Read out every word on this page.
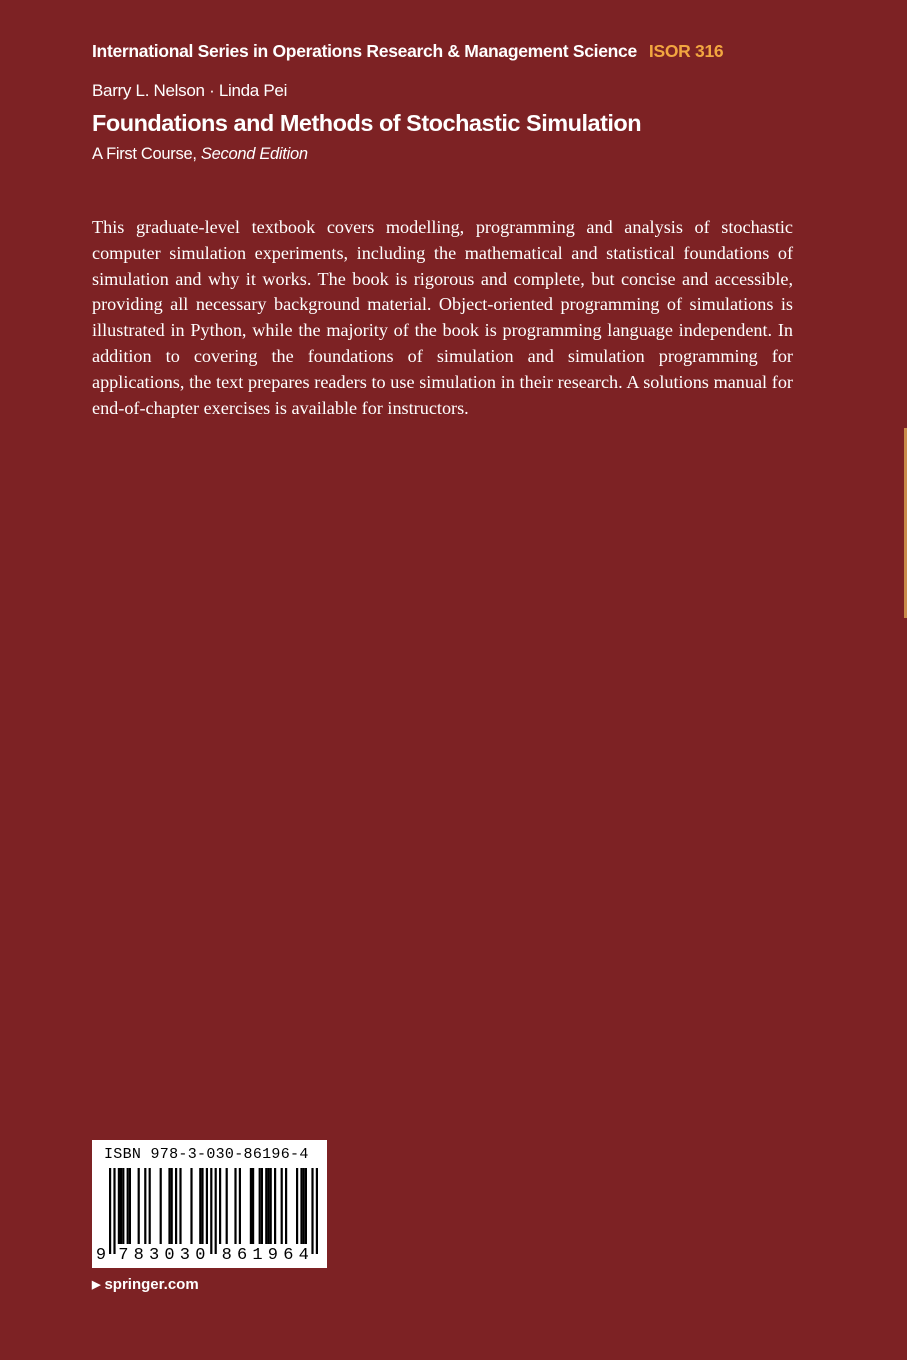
International Series in Operations Research & Management Science ISOR 316
Barry L. Nelson · Linda Pei
Foundations and Methods of Stochastic Simulation
A First Course, Second Edition

This graduate-level textbook covers modelling, programming and analysis of stochastic computer simulation experiments, including the mathematical and statistical foundations of simulation and why it works. The book is rigorous and complete, but concise and accessible, providing all necessary background material. Object-oriented programming of simulations is illustrated in Python, while the majority of the book is programming language independent. In addition to covering the foundations of simulation and simulation programming for applications, the text prepares readers to use simulation in their research. A solutions manual for end-of-chapter exercises is available for instructors.

9 7 8 3 0 3 0 8 6 1 9 6 4
ISBN 978-3-030-86196-4
▶ springer.com
